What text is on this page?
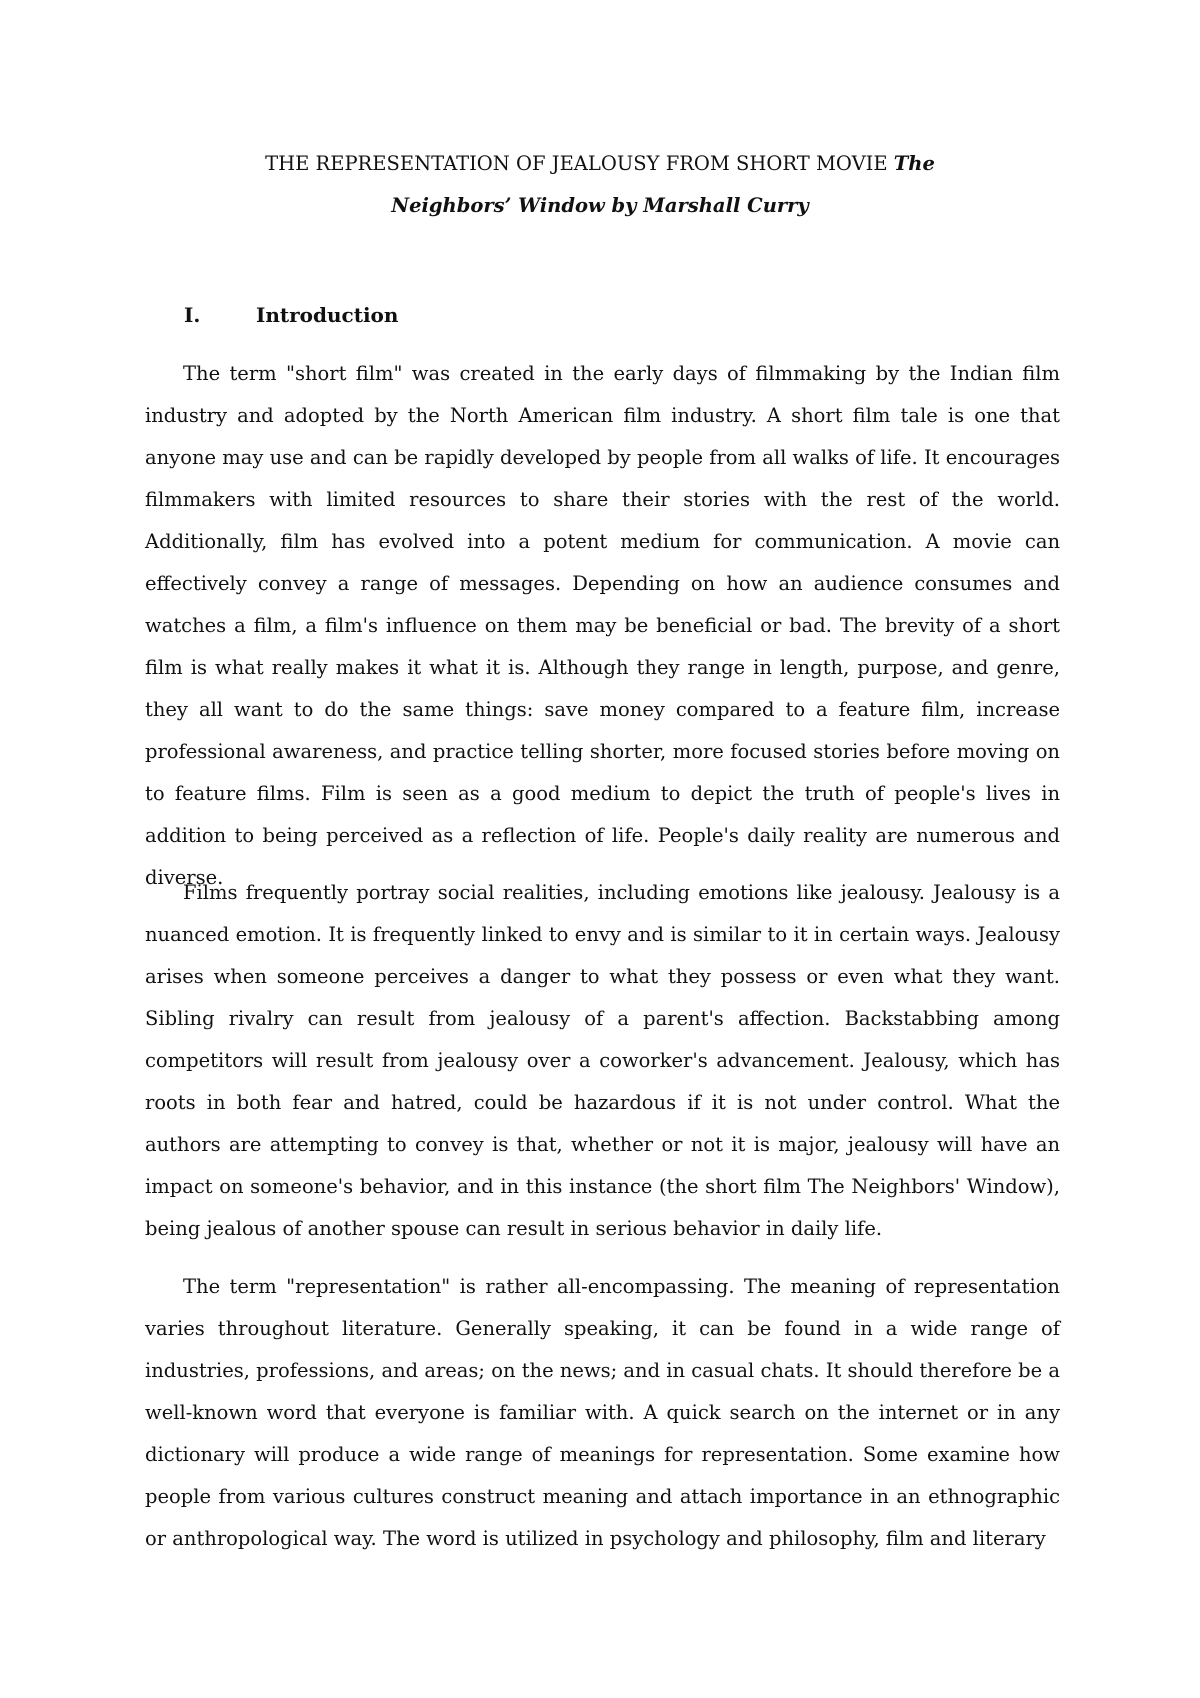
THE REPRESENTATION OF JEALOUSY FROM SHORT MOVIE The
Neighbors’ Window by Marshall Curry
I.	Introduction

The term "short film" was created in the early days of filmmaking by the Indian film industry and adopted by the North American film industry. A short film tale is one that anyone may use and can be rapidly developed by people from all walks of life. It encourages filmmakers with limited resources to share their stories with the rest of the world. Additionally, film has evolved into a potent medium for communication. A movie can effectively convey a range of messages. Depending on how an audience consumes and watches a film, a film's influence on them may be beneficial or bad. The brevity of a short film is what really makes it what it is. Although they range in length, purpose, and genre, they all want to do the same things: save money compared to a feature film, increase professional awareness, and practice telling shorter, more focused stories before moving on to feature films. Film is seen as a good medium to depict the truth of people's lives in addition to being perceived as a reflection of life. People's daily reality are numerous and diverse.

Films frequently portray social realities, including emotions like jealousy. Jealousy is a nuanced emotion. It is frequently linked to envy and is similar to it in certain ways. Jealousy arises when someone perceives a danger to what they possess or even what they want. Sibling rivalry can result from jealousy of a parent's affection. Backstabbing among competitors will result from jealousy over a coworker's advancement. Jealousy, which has roots in both fear and hatred, could be hazardous if it is not under control. What the authors are attempting to convey is that, whether or not it is major, jealousy will have an impact on someone's behavior, and in this instance (the short film The Neighbors' Window), being jealous of another spouse can result in serious behavior in daily life.

The term "representation" is rather all-encompassing. The meaning of representation varies throughout literature. Generally speaking, it can be found in a wide range of industries, professions, and areas; on the news; and in casual chats. It should therefore be a well-known word that everyone is familiar with. A quick search on the internet or in any dictionary will produce a wide range of meanings for representation. Some examine how people from various cultures construct meaning and attach importance in an ethnographic or anthropological way. The word is utilized in psychology and philosophy, film and literary
